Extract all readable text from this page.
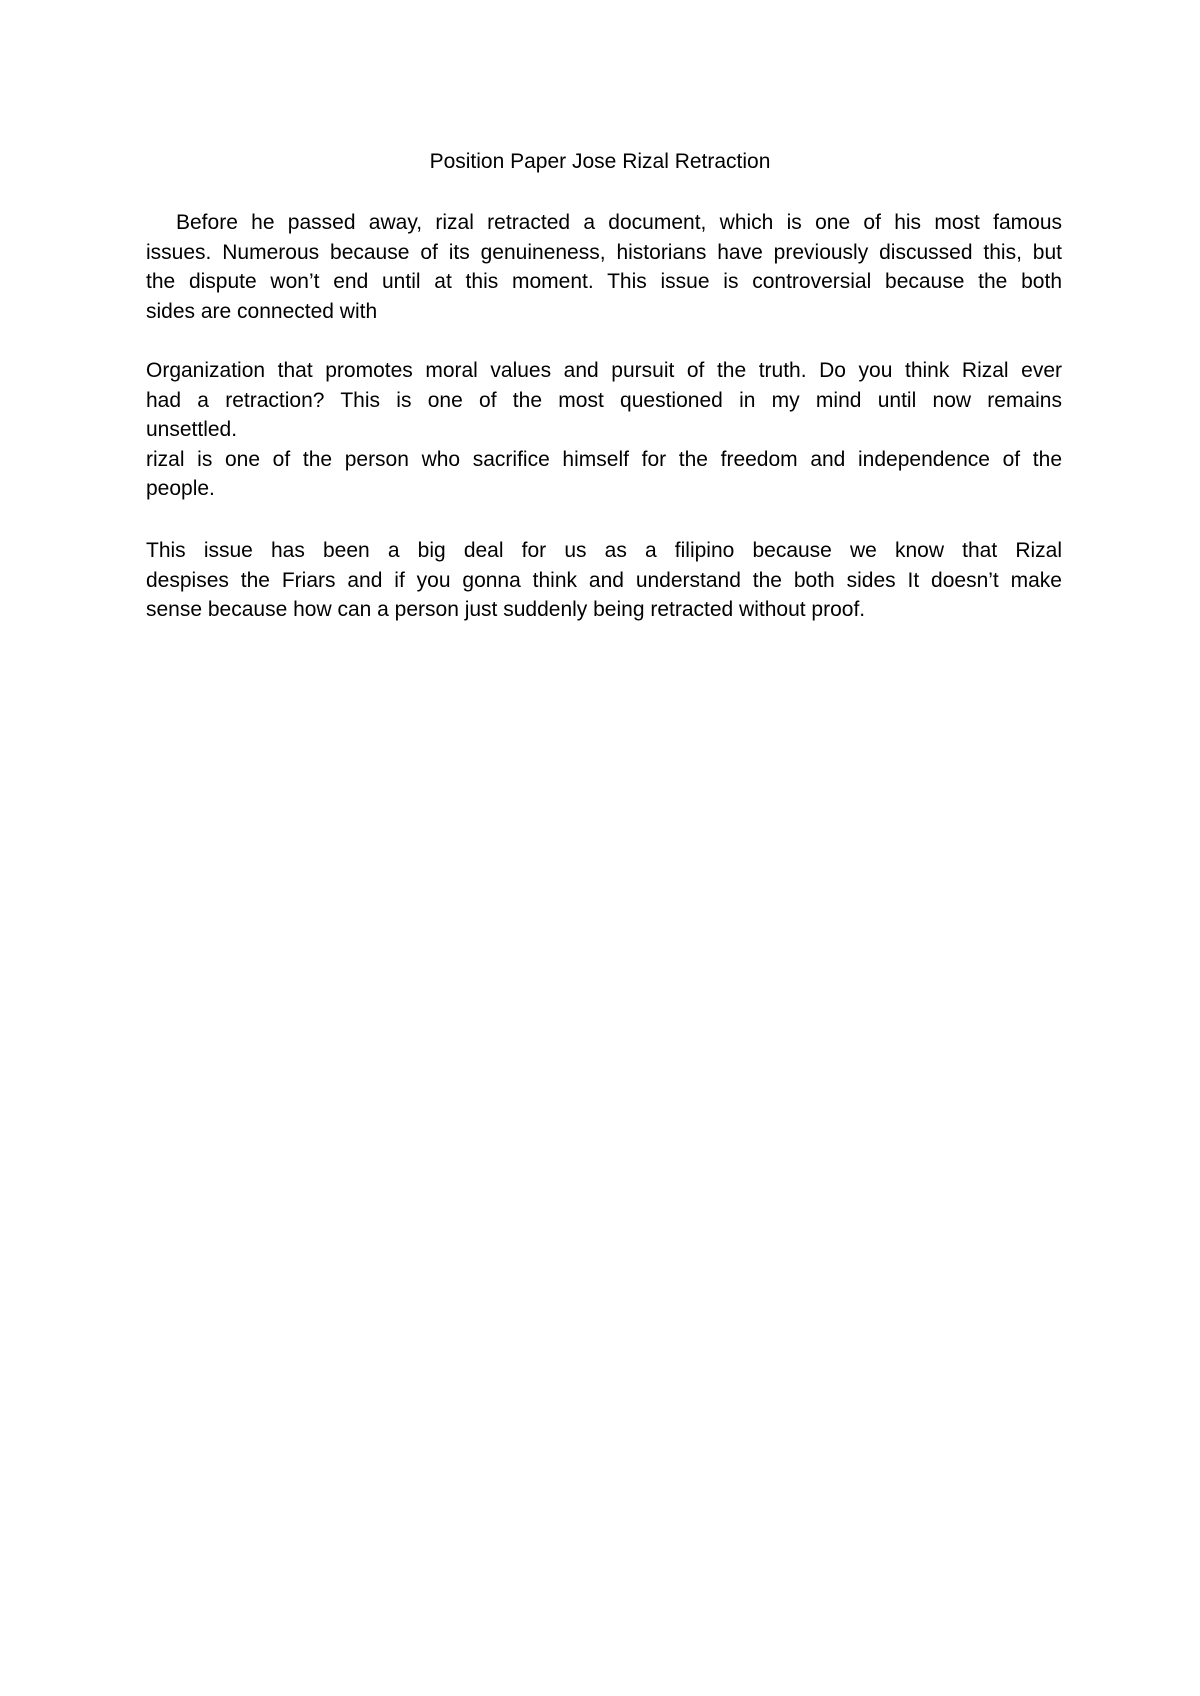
Position Paper Jose Rizal Retraction
Before he passed away, rizal retracted a document, which is one of his most famous
issues. Numerous because of its genuineness, historians have previously discussed this, but
the dispute won’t end until at this moment. This issue is controversial because the both
sides are connected with
Organization that promotes moral values and pursuit of the truth. Do you think Rizal ever
had a retraction? This is one of the most questioned in my mind until now remains
unsettled.
rizal is one of the person who sacrifice himself for the freedom and independence of the
people.
This issue has been a big deal for us as a filipino because we know that Rizal
despises the Friars and if you gonna think and understand the both sides It doesn’t make
sense because how can a person just suddenly being retracted without proof.
